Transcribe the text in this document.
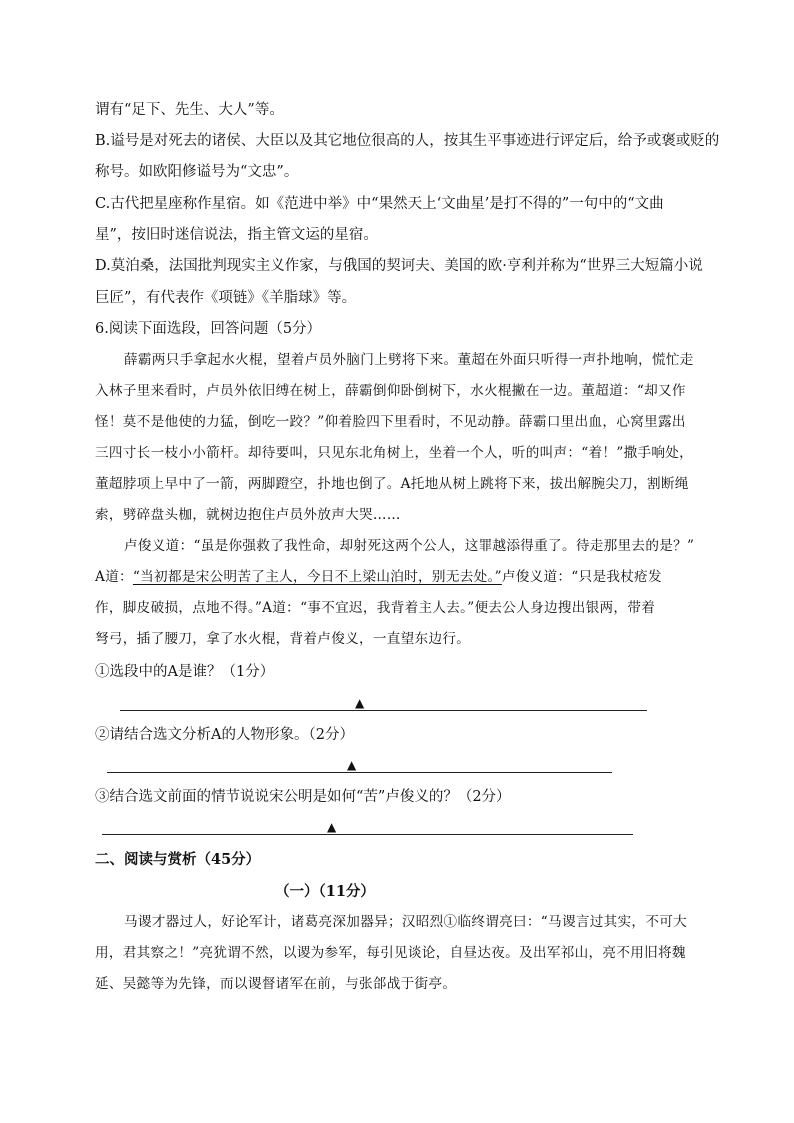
谓有“足下、先生、大人”等。
B.谥号是对死去的诸侯、大臣以及其它地位很高的人，按其生平事迹进行评定后，给予或褒或贬的
称号。如欧阳修谥号为“文忠”。
C.古代把星座称作星宿。如《范进中举》中“果然天上‘文曲星’是打不得的”一句中的“文曲
星”，按旧时迷信说法，指主管文运的星宿。
D.莫泊桑，法国批判现实主义作家，与俄国的契诃夫、美国的欧·亨利并称为“世界三大短篇小说
巨匠”，有代表作《项链》《羊脂球》等。
6.阅读下面选段，回答问题（5分）
薛霸两只手拿起水火棍，望着卢员外脑门上劈将下来。董超在外面只听得一声扑地响，慌忙走
入林子里来看时，卢员外依旧缚在树上，薛霸倒仰卧倒树下，水火棍撇在一边。董超道：“却又作
怪！莫不是他使的力猛，倒吃一跤？”仰着脸四下里看时，不见动静。薛霸口里出血，心窝里露出
三四寸长一枝小小箭杆。却待要叫，只见东北角树上，坐着一个人，听的叫声：“着！”撒手响处，
董超脖项上早中了一箭，两脚蹬空，扑地也倒了。A托地从树上跳将下来，拔出解腕尖刀，割断绳
索，劈碎盘头枷，就树边抱住卢员外放声大哭……
卢俊义道：“虽是你强救了我性命，却射死这两个公人，这罪越添得重了。待走那里去的是？”
A道：“当初都是宋公明苦了主人，今日不上梁山泊时，别无去处。”卢俊义道：“只是我杖疮发
作，脚皮破损，点地不得。”A道：“事不宜迟，我背着主人去。”便去公人身边搜出银两，带着
弩弓，插了腰刀，拿了水火棍，背着卢俊义，一直望东边行。
①选段中的A是谁？（1分）
▲
②请结合选文分析A的人物形象。（2分）
▲
③结合选文前面的情节说说宋公明是如何“苦”卢俊义的？（2分）
▲
二、阅读与赏析（45分）
（一）（11分）
马谡才器过人，好论军计，诸葛亮深加器异；汉昭烈①临终谓亮曰：“马谡言过其实，不可大
用，君其察之！”亮犹谓不然，以谡为参军，每引见谈论，自昼达夜。及出军祁山，亮不用旧将魏
延、吴懿等为先锋，而以谡督诸军在前，与张郃战于街亭。
